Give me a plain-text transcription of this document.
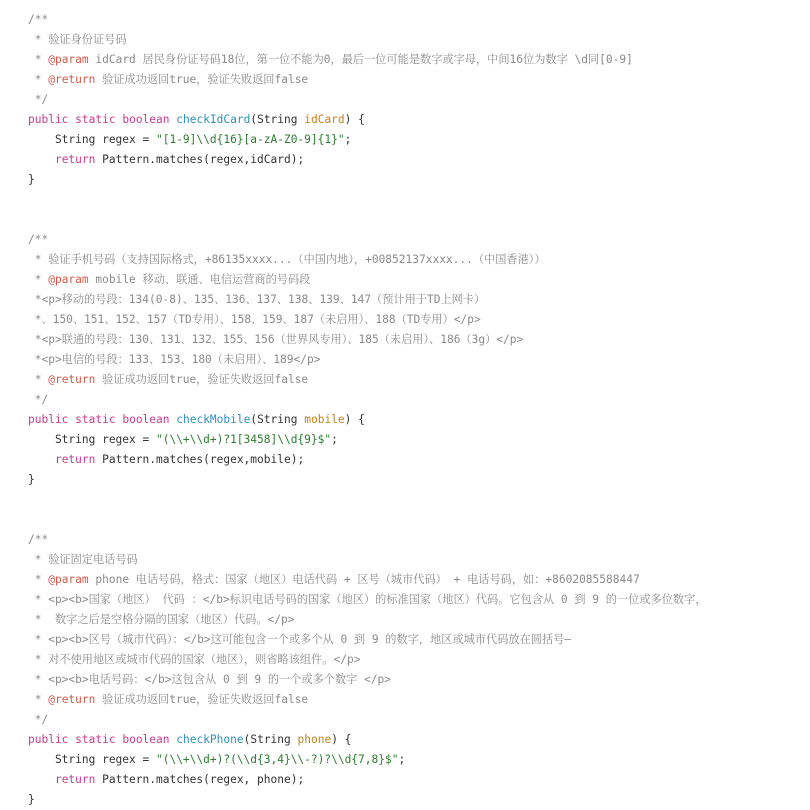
/**
* 验证身份证号码
* @param idCard 居民身份证号码18位，第一位不能为0，最后一位可能是数字或字母，中间16位为数字 \d同[0-9]
* @return 验证成功返回true，验证失败返回false
*/
public static boolean checkIdCard(String idCard) {
String regex = "[1-9]\\d{16}[a-zA-Z0-9]{1}";
return Pattern.matches(regex,idCard);
}
/**
* 验证手机号码（支持国际格式，+86135xxxx...（中国内地），+00852137xxxx...（中国香港））
* @param mobile 移动、联通、电信运营商的号码段
*<p>移动的号段：134(0-8)、135、136、137、138、139、147（预计用于TD上网卡）
*、150、151、152、157（TD专用）、158、159、187（未启用）、188（TD专用）</p>
*<p>联通的号段：130、131、132、155、156（世界风专用）、185（未启用）、186（3g）</p>
*<p>电信的号段：133、153、180（未启用）、189</p>
* @return 验证成功返回true，验证失败返回false
*/
public static boolean checkMobile(String mobile) {
String regex = "(\\+\\d+)?1[3458]\\d{9}$";
return Pattern.matches(regex,mobile);
}
/**
* 验证固定电话号码
* @param phone 电话号码，格式：国家（地区）电话代码 + 区号（城市代码） + 电话号码，如：+8602085588447
* <p><b>国家（地区） 代码 ：</b>标识电话号码的国家（地区）的标准国家（地区）代码。它包含从 0 到 9 的一位或多位数字，
*  数字之后是空格分隔的国家（地区）代码。</p>
* <p><b>区号（城市代码）：</b>这可能包含一个或多个从 0 到 9 的数字，地区或城市代码放在圆括号—
* 对不使用地区或城市代码的国家（地区），则省略该组件。</p>
* <p><b>电话号码：</b>这包含从 0 到 9 的一个或多个数字 </p>
* @return 验证成功返回true，验证失败返回false
*/
public static boolean checkPhone(String phone) {
String regex = "(\\+\\d+)?(\\d{3,4}\\-?)?\\d{7,8}$";
return Pattern.matches(regex, phone);
}
